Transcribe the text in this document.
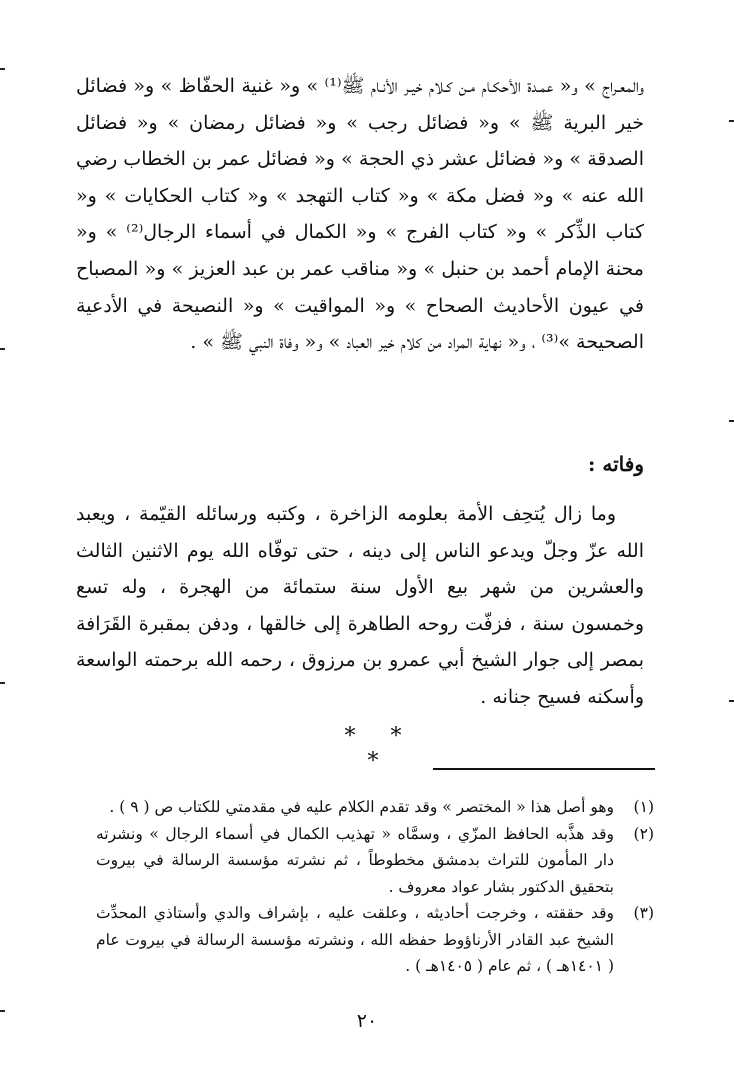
والمعـراج » و« عمـدة الأحكـام مـن كـلام خيـر الأنـام ﷺ⁽¹⁾ » و« غنية الحفّاظ » و« فضائل خير البرية ﷺ » و« فضائل رجب » و« فضائل رمضان » و« فضائل الصدقة » و« فضائل عشر ذي الحجة » و« فضائل عمر بن الخطاب رضي الله عنه » و« فضل مكة » و« كتاب التهجد » و« كتاب الحكايات » و« كتاب الذِّكر » و« كتاب الفرج » و« الكمال في أسماء الرجال⁽²⁾ » و« محنة الإمام أحمد بن حنبل » و« مناقب عمر بن عبد العزيز » و« المصباح في عيون الأحاديث الصحاح » و« المواقيت » و« النصيحة في الأدعية الصحيحة »⁽³⁾ ، و« نهاية المراد من كلام خير العباد » و« وفاة النبي ﷺ » .

وفاته :

وما زال يُتحِف الأمة بعلومه الزاخرة ، وكتبه ورسائله القيّمة ، ويعبد الله عزّ وجلّ ويدعو الناس إلى دينه ، حتى توفّاه الله يوم الاثنين الثالث والعشرين من شهر بيع الأول سنة ستمائة من الهجرة ، وله تسع وخمسون سنة ، فزفّت روحه الطاهرة إلى خالقها ، ودفن بمقبرة القَرَافة بمصر إلى جوار الشيخ أبي عمرو بن مرزوق ، رحمه الله برحمته الواسعة وأسكنه فسيح جنانه .

* * *
(١)
وهو أصل هذا « المختصر » وقد تقدم الكلام عليه في مقدمتي للكتاب ص ( ٩ ) .
(٢)
وقد هذَّبه الحافظ المزّي ، وسمَّاه « تهذيب الكمال في أسماء الرجال » ونشرته دار المأمون للتراث بدمشق مخطوطاً ، ثم نشرته مؤسسة الرسالة في بيروت بتحقيق الدكتور بشار عواد معروف .
(٣)
وقد حققته ، وخرجت أحاديثه ، وعلقت عليه ، بإشراف والدي وأستاذي المحدِّث الشيخ عبد القادر الأرناؤوط حفظه الله ، ونشرته مؤسسة الرسالة في بيروت عام ( ١٤٠١هـ ) ، ثم عام ( ١٤٠٥هـ ) .
٢٠
